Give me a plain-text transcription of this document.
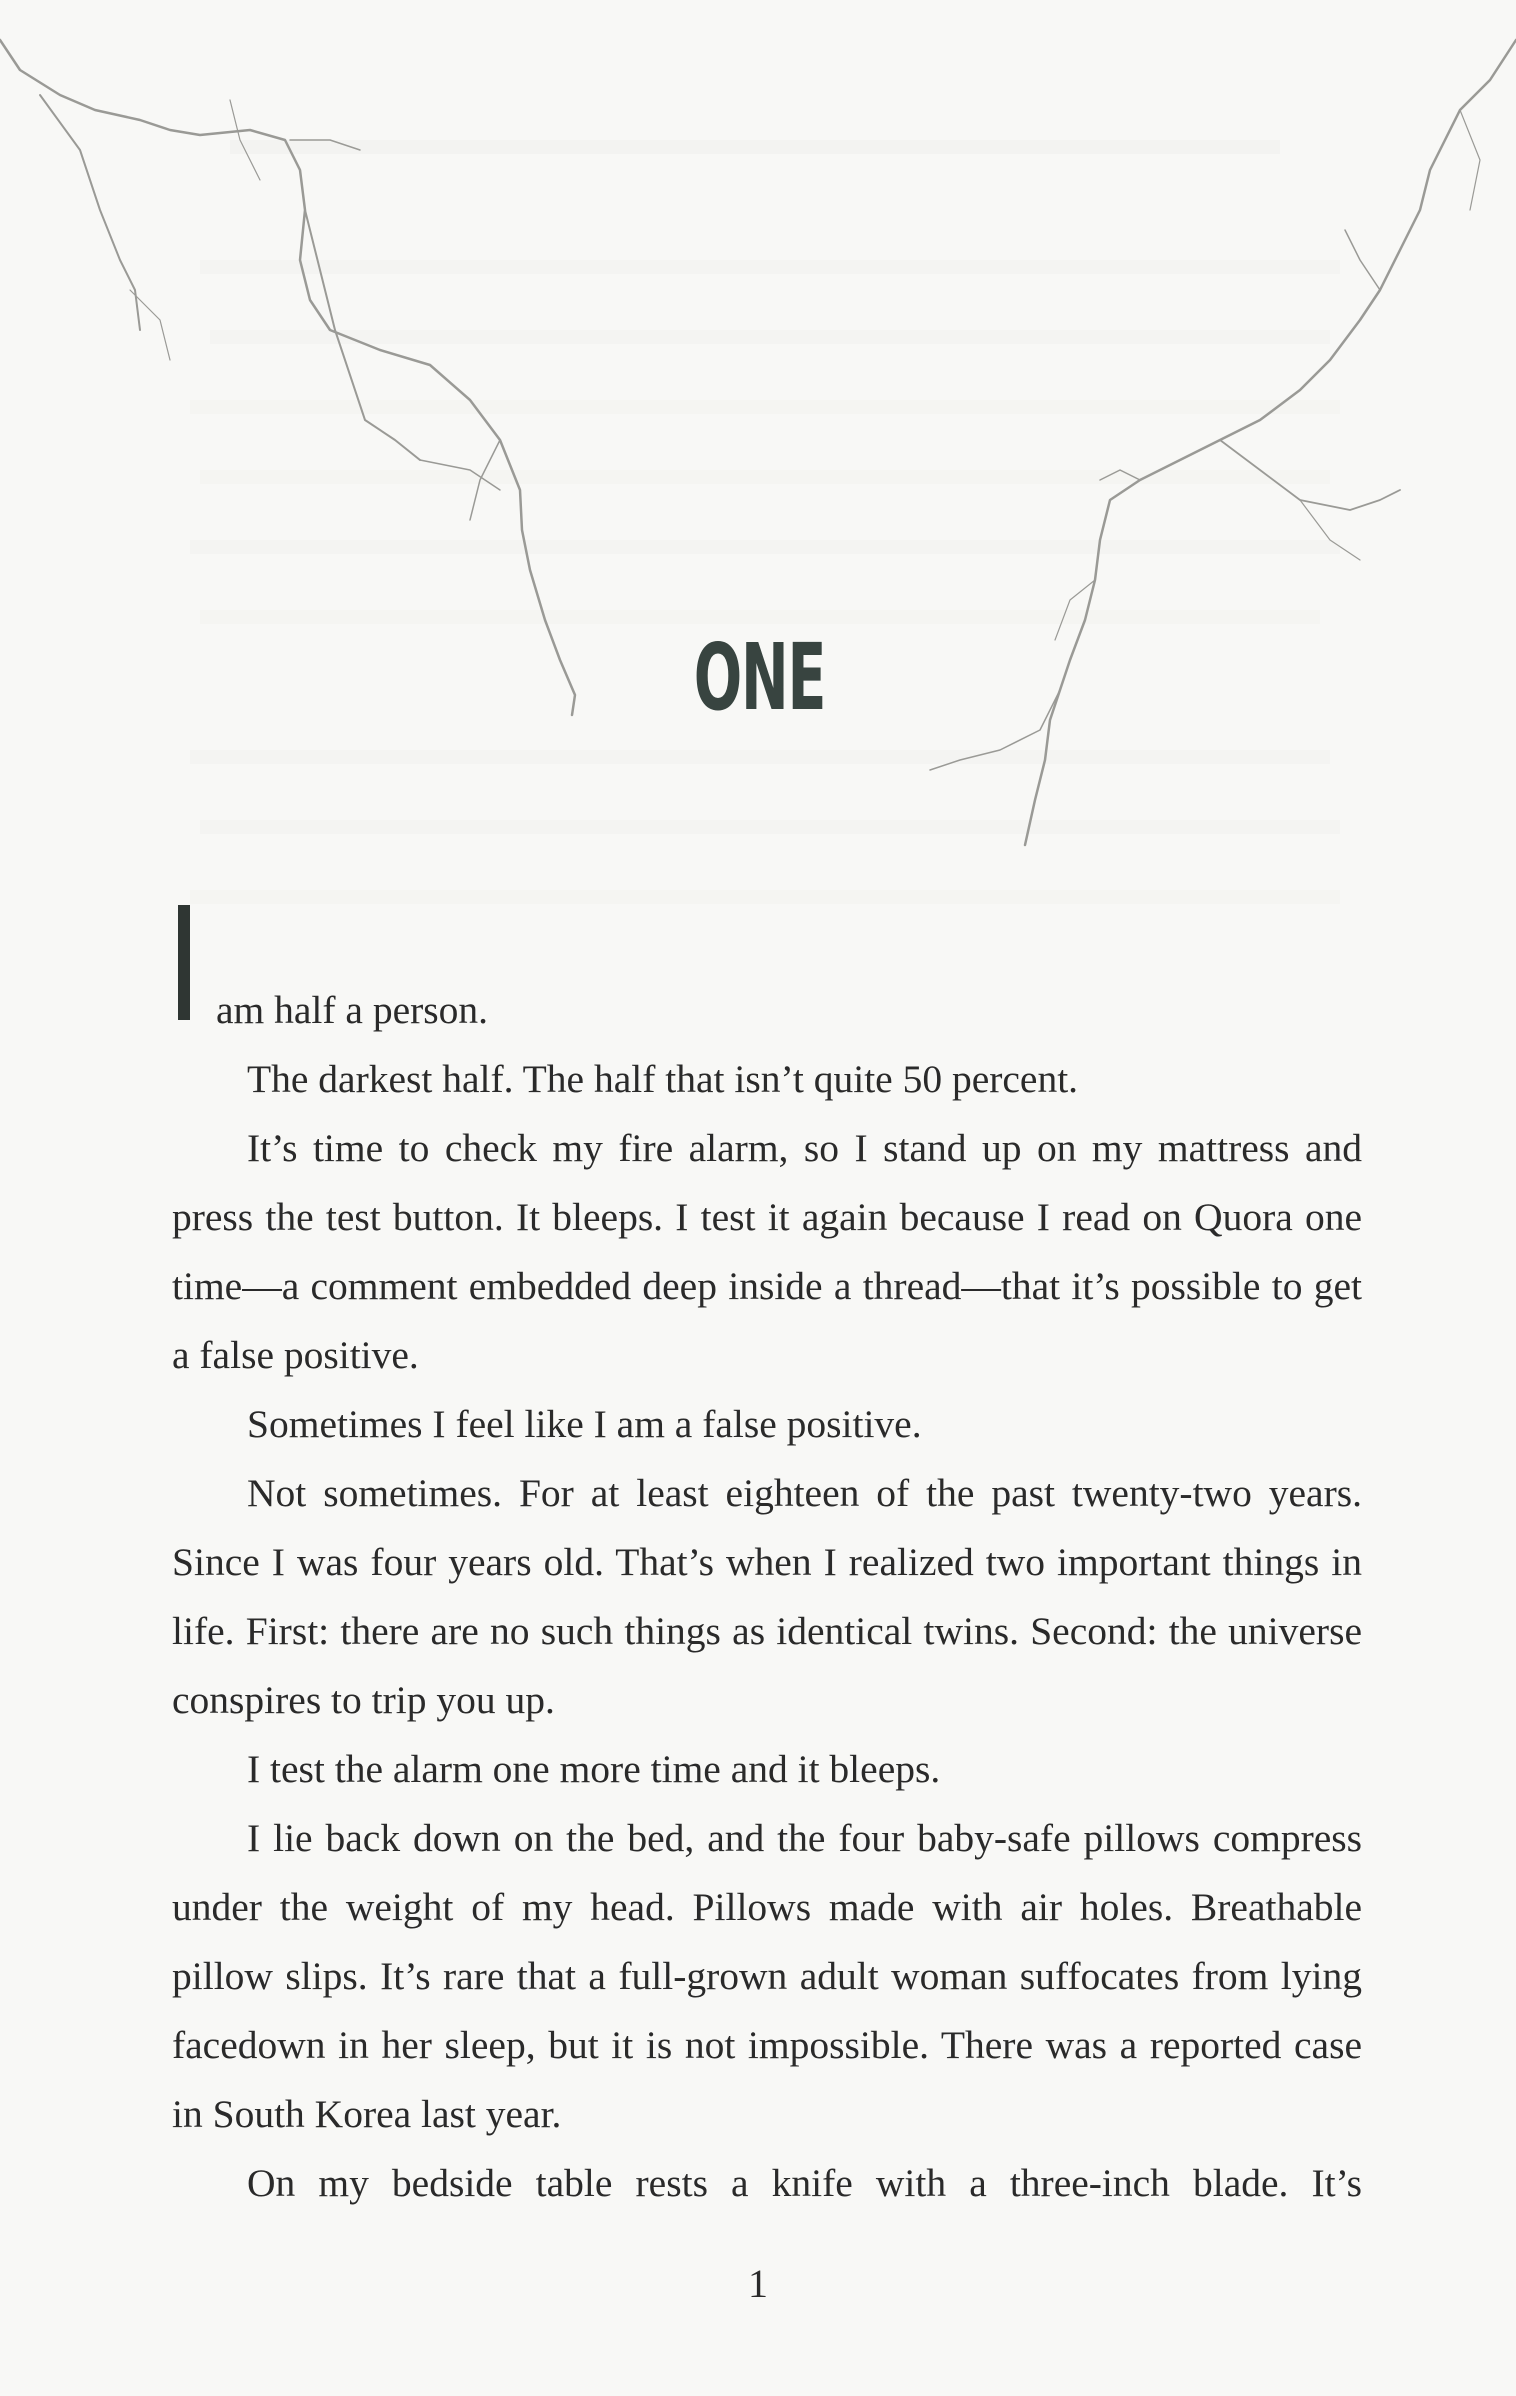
ONE

am half a person.

The darkest half. The half that isn’t quite 50 percent.

It’s time to check my fire alarm, so I stand up on my mattress and press the test button. It bleeps. I test it again because I read on Quora one time—a comment embedded deep inside a thread—that it’s possible to get a false positive.

Sometimes I feel like I am a false positive.

Not sometimes. For at least eighteen of the past twenty-two years. Since I was four years old. That’s when I realized two important things in life. First: there are no such things as identical twins. Second: the universe conspires to trip you up.

I test the alarm one more time and it bleeps.

I lie back down on the bed, and the four baby-safe pillows compress under the weight of my head. Pillows made with air holes. Breathable pillow slips. It’s rare that a full-grown adult woman suffocates from lying facedown in her sleep, but it is not impossible. There was a reported case in South Korea last year.

On my bedside table rests a knife with a three-inch blade. It’s

1
